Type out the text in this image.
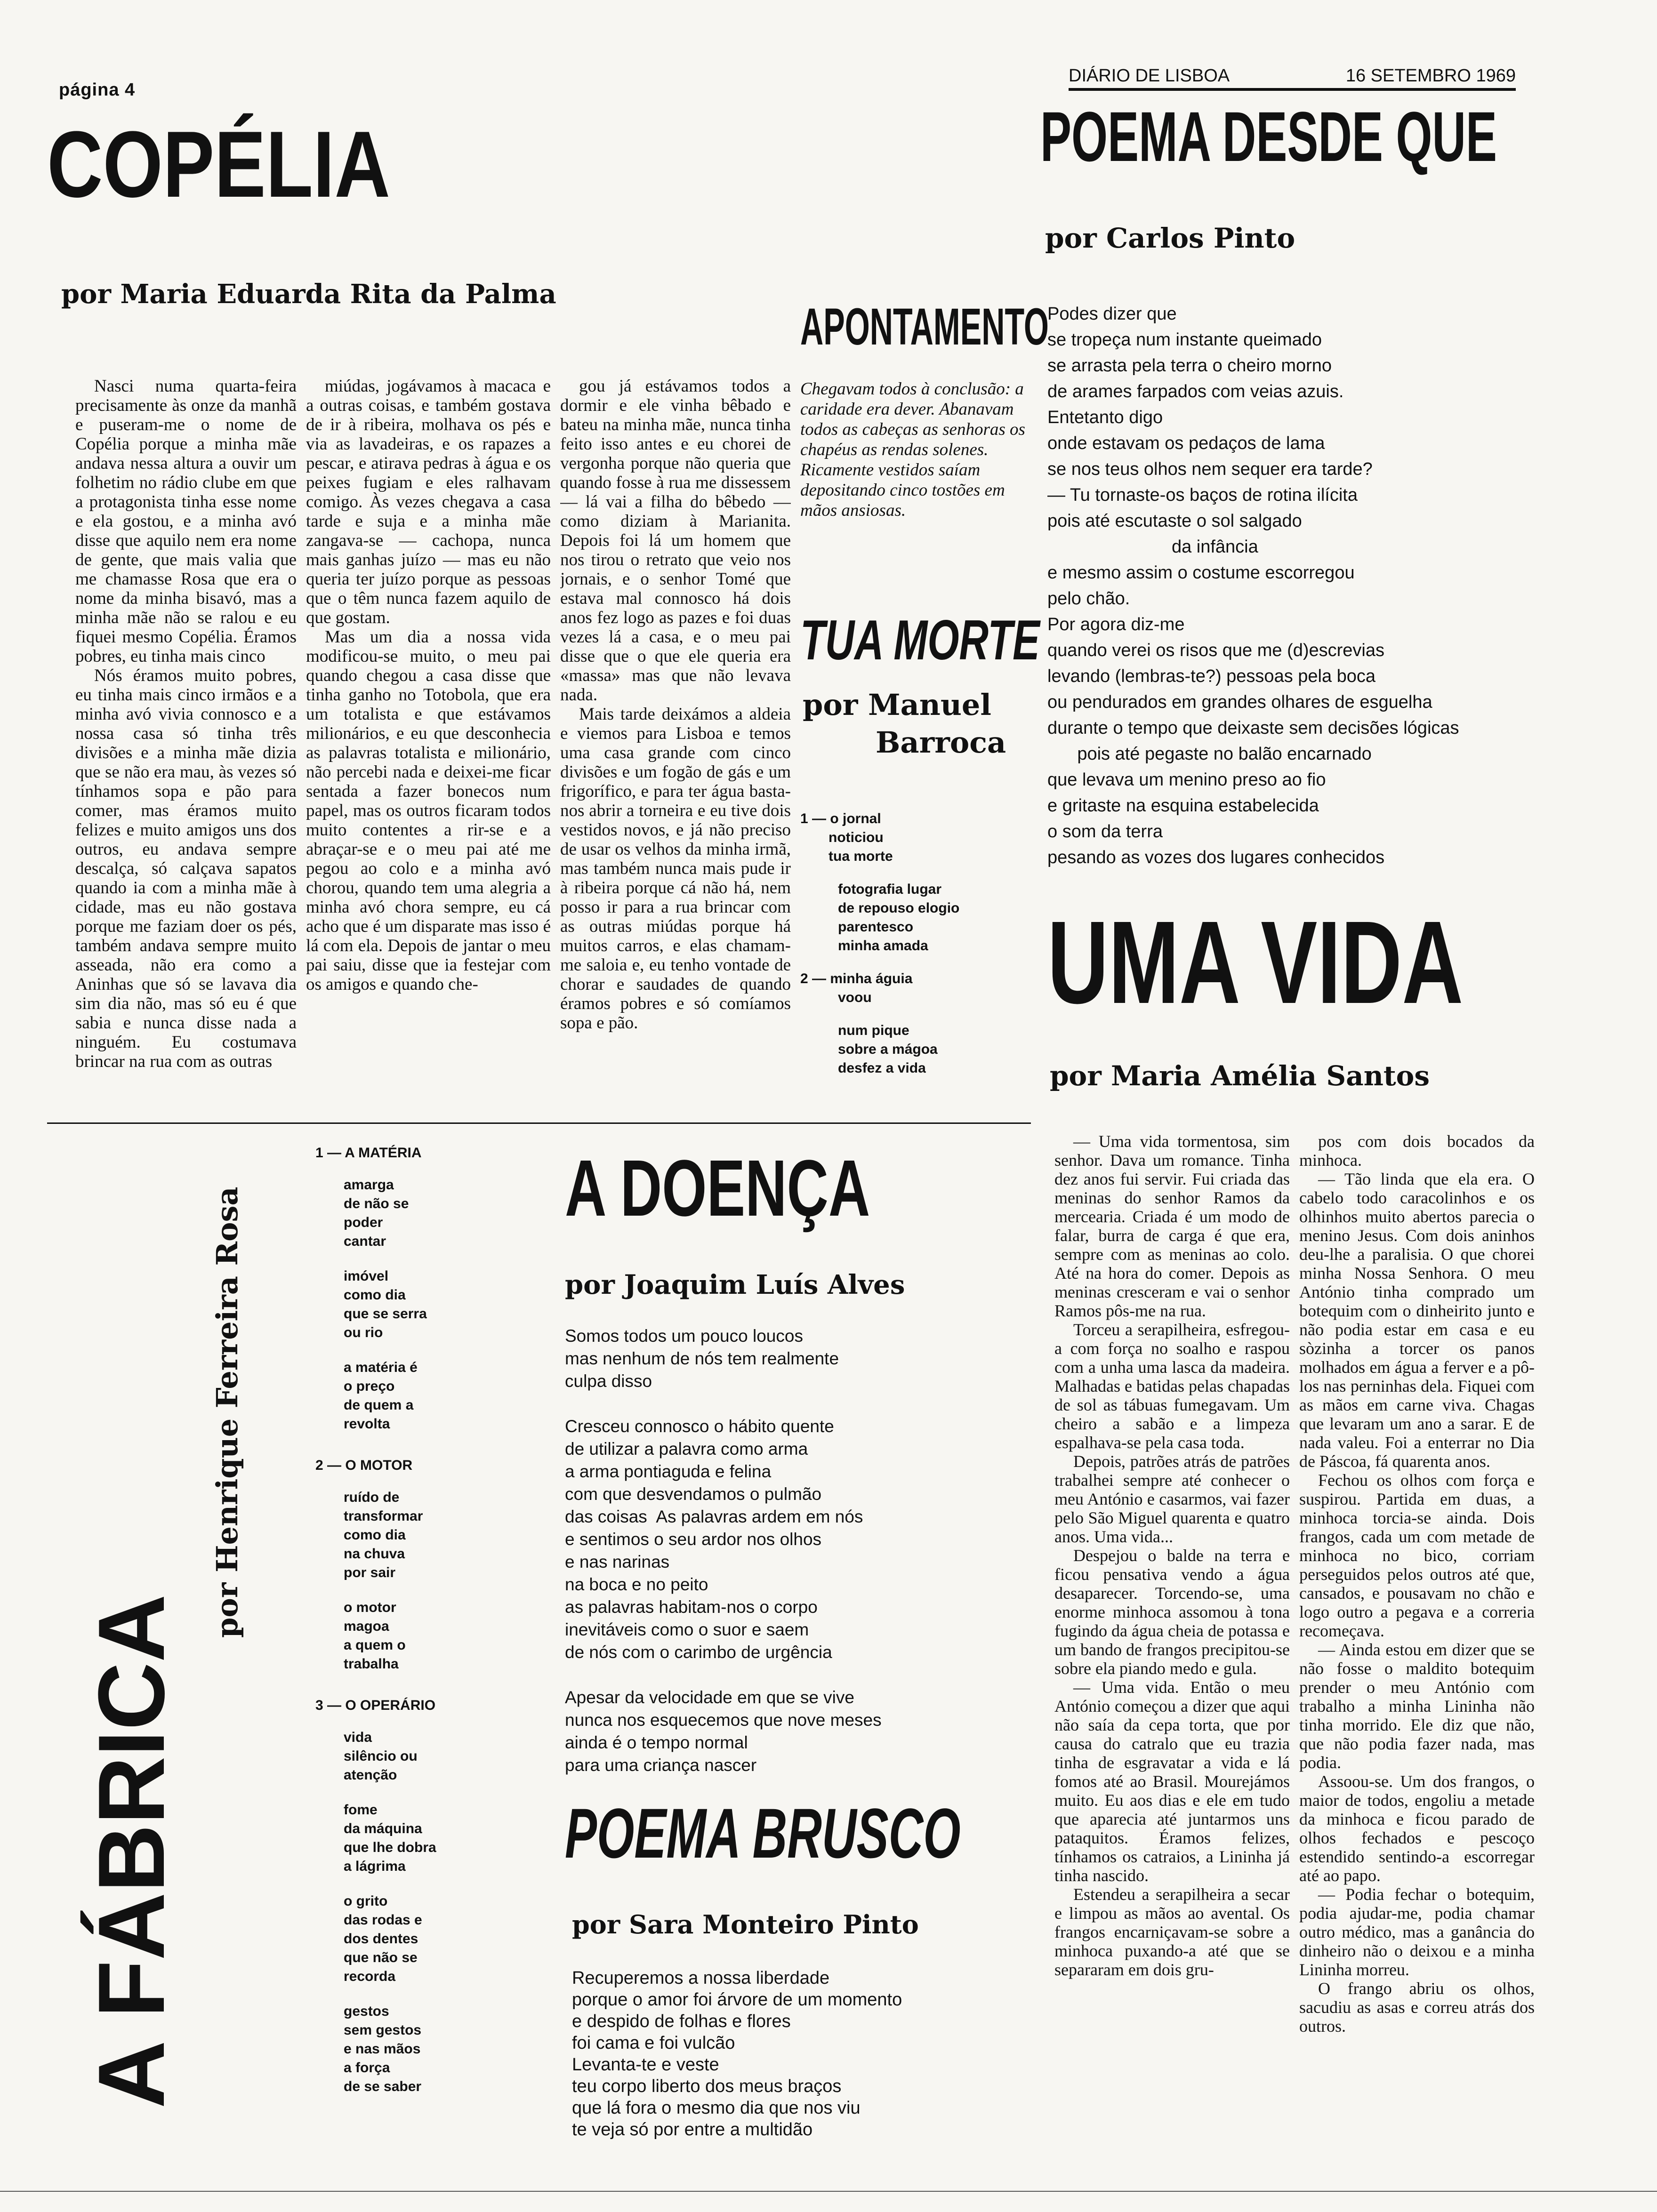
página 4
DIÁRIO DE LISBOA	16 SETEMBRO 1969
COPÉLIA
por Maria Eduarda Rita da Palma

Nasci numa quarta-feira precisamente às onze da manhã e puseram-me o nome de Copélia porque a minha mãe andava nessa altura a ouvir um folhetim no rádio clube em que a protagonista tinha esse nome e ela gostou, e a minha avó disse que aquilo nem era nome de gente, que mais valia que me chamasse Rosa que era o nome da minha bisavó, mas a minha mãe não se ralou e eu fiquei mesmo Copélia. Éramos pobres, eu tinha mais cinco

Nós éramos muito pobres, eu tinha mais cinco irmãos e a minha avó vivia connosco e a nossa casa só tinha três divisões e a minha mãe dizia que se não era mau, às vezes só tínhamos sopa e pão para comer, mas éramos muito felizes e muito amigos uns dos outros, eu andava sempre descalça, só calçava sapatos quando ia com a minha mãe à cidade, mas eu não gostava porque me faziam doer os pés, também andava sempre muito asseada, não era como a Aninhas que só se lavava dia sim dia não, mas só eu é que sabia e nunca disse nada a ninguém. Eu costumava brincar na rua com as outras

miúdas, jogávamos à macaca e a outras coisas, e também gostava de ir à ribeira, molhava os pés e via as lavadeiras, e os rapazes a pescar, e atirava pedras à água e os peixes fugiam e eles ralhavam comigo. Às vezes chegava a casa tarde e suja e a minha mãe zangava-se — cachopa, nunca mais ganhas juízo — mas eu não queria ter juízo porque as pessoas que o têm nunca fazem aquilo de que gostam.

Mas um dia a nossa vida modificou-se muito, o meu pai quando chegou a casa disse que tinha ganho no Totobola, que era um totalista e que estávamos milionários, e eu que desconhecia as palavras totalista e milionário, não percebi nada e deixei-me ficar sentada a fazer bonecos num papel, mas os outros ficaram todos muito contentes a rir-se e a abraçar-se e o meu pai até me pegou ao colo e a minha avó chorou, quando tem uma alegria a minha avó chora sempre, eu cá acho que é um disparate mas isso é lá com ela. Depois de jantar o meu pai saiu, disse que ia festejar com os amigos e quando che-

gou já estávamos todos a dormir e ele vinha bêbado e bateu na minha mãe, nunca tinha feito isso antes e eu chorei de vergonha porque não queria que quando fosse à rua me dissessem — lá vai a filha do bêbedo — como diziam à Marianita. Depois foi lá um homem que nos tirou o retrato que veio nos jornais, e o senhor Tomé que estava mal connosco há dois anos fez logo as pazes e foi duas vezes lá a casa, e o meu pai disse que o que ele queria era «massa» mas que não levava nada.

Mais tarde deixámos a aldeia e viemos para Lisboa e temos uma casa grande com cinco divisões e um fogão de gás e um frigorífico, e para ter água basta-nos abrir a torneira e eu tive dois vestidos novos, e já não preciso de usar os velhos da minha irmã, mas também nunca mais pude ir à ribeira porque cá não há, nem posso ir para a rua brincar com as outras miúdas porque há muitos carros, e elas chamam-me saloia e, eu tenho vontade de chorar e saudades de quando éramos pobres e só comíamos sopa e pão.

APONTAMENTO
Chegavam todos à conclusão: a caridade era dever. Abanavam todos as cabeças as senhoras os chapéus as rendas solenes. Ricamente vestidos saíam depositando cinco tostões em mãos ansiosas.
TUA MORTE
por Manuel
Barroca
1 — o jornal
noticiou
tua morte
fotografia lugar
de repouso elogio
parentesco
minha amada
2 — minha águia
voou
num pique
sobre a mágoa
desfez a vida
POEMA DESDE QUE
por Carlos Pinto
Podes dizer que
se tropeça num instante queimado
se arrasta pela terra o cheiro morno
de arames farpados com veias azuis.
Entetanto digo
onde estavam os pedaços de lama
se nos teus olhos nem sequer era tarde?
— Tu tornaste-os baços de rotina ilícita
pois até escutaste o sol salgado
da infância
e mesmo assim o costume escorregou
pelo chão.
Por agora diz-me
quando verei os risos que me (d)escrevias
levando (lembras-te?) pessoas pela boca
ou pendurados em grandes olhares de esguelha
durante o tempo que deixaste sem decisões lógicas
pois até pegaste no balão encarnado
que levava um menino preso ao fio
e gritaste na esquina estabelecida
o som da terra
pesando as vozes dos lugares conhecidos
UMA VIDA
por Maria Amélia Santos

— Uma vida tormentosa, sim senhor. Dava um romance. Tinha dez anos fui servir. Fui criada das meninas do senhor Ramos da mercearia. Criada é um modo de falar, burra de carga é que era, sempre com as meninas ao colo. Até na hora do comer. Depois as meninas cresceram e vai o senhor Ramos pôs-me na rua.

Torceu a serapilheira, esfregou-a com força no soalho e raspou com a unha uma lasca da madeira. Malhadas e batidas pelas chapadas de sol as tábuas fumegavam. Um cheiro a sabão e a limpeza espalhava-se pela casa toda.

Depois, patrões atrás de patrões trabalhei sempre até conhecer o meu António e casarmos, vai fazer pelo São Miguel quarenta e quatro anos. Uma vida...

Despejou o balde na terra e ficou pensativa vendo a água desaparecer. Torcendo-se, uma enorme minhoca assomou à tona fugindo da água cheia de potassa e um bando de frangos precipitou-se sobre ela piando medo e gula.

— Uma vida. Então o meu António começou a dizer que aqui não saía da cepa torta, que por causa do catralo que eu trazia tinha de esgravatar a vida e lá fomos até ao Brasil. Mourejámos muito. Eu aos dias e ele em tudo que aparecia até juntarmos uns pataquitos. Éramos felizes, tínhamos os catraios, a Lininha já tinha nascido.

Estendeu a serapilheira a secar e limpou as mãos ao avental. Os frangos encarniçavam-se sobre a minhoca puxando-a até que se separaram em dois gru-

pos com dois bocados da minhoca.

— Tão linda que ela era. O cabelo todo caracolinhos e os olhinhos muito abertos parecia o menino Jesus. Com dois aninhos deu-lhe a paralisia. O que chorei minha Nossa Senhora. O meu António tinha comprado um botequim com o dinheirito junto e não podia estar em casa e eu sòzinha a torcer os panos molhados em água a ferver e a pô-los nas perninhas dela. Fiquei com as mãos em carne viva. Chagas que levaram um ano a sarar. E de nada valeu. Foi a enterrar no Dia de Páscoa, fá quarenta anos.

Fechou os olhos com força e suspirou. Partida em duas, a minhoca torcia-se ainda. Dois frangos, cada um com metade de minhoca no bico, corriam perseguidos pelos outros até que, cansados, e pousavam no chão e logo outro a pegava e a correria recomeçava.

— Ainda estou em dizer que se não fosse o maldito botequim prender o meu António com trabalho a minha Lininha não tinha morrido. Ele diz que não, que não podia fazer nada, mas podia.

Assoou-se. Um dos frangos, o maior de todos, engoliu a metade da minhoca e ficou parado de olhos fechados e pescoço estendido sentindo-a escorregar até ao papo.

— Podia fechar o botequim, podia ajudar-me, podia chamar outro médico, mas a ganância do dinheiro não o deixou e a minha Lininha morreu.

O frango abriu os olhos, sacudiu as asas e correu atrás dos outros.

A FÁBRICA
por Henrique Ferreira Rosa
1 — A MATÉRIA
amarga
de não se
poder
cantar
imóvel
como dia
que se serra
ou rio
a matéria é
o preço
de quem a
revolta
2 — O MOTOR
ruído de
transformar
como dia
na chuva
por sair
o motor
magoa
a quem o
trabalha
3 — O OPERÁRIO
vida
silêncio ou
atenção
fome
da máquina
que lhe dobra
a lágrima
o grito
das rodas e
dos dentes
que não se
recorda
gestos
sem gestos
e nas mãos
a força
de se saber
A DOENÇA
por Joaquim Luís Alves
Somos todos um pouco loucos
mas nenhum de nós tem realmente
culpa disso

Cresceu connosco o hábito quente
de utilizar a palavra como arma
a arma pontiaguda e felina
com que desvendamos o pulmão
das coisas  As palavras ardem em nós
e sentimos o seu ardor nos olhos
e nas narinas
na boca e no peito
as palavras habitam-nos o corpo
inevitáveis como o suor e saem
de nós com o carimbo de urgência

Apesar da velocidade em que se vive
nunca nos esquecemos que nove meses
ainda é o tempo normal
para uma criança nascer
POEMA BRUSCO
por Sara Monteiro Pinto
Recuperemos a nossa liberdade
porque o amor foi árvore de um momento
e despido de folhas e flores
foi cama e foi vulcão
Levanta-te e veste
teu corpo liberto dos meus braços
que lá fora o mesmo dia que nos viu
te veja só por entre a multidão
